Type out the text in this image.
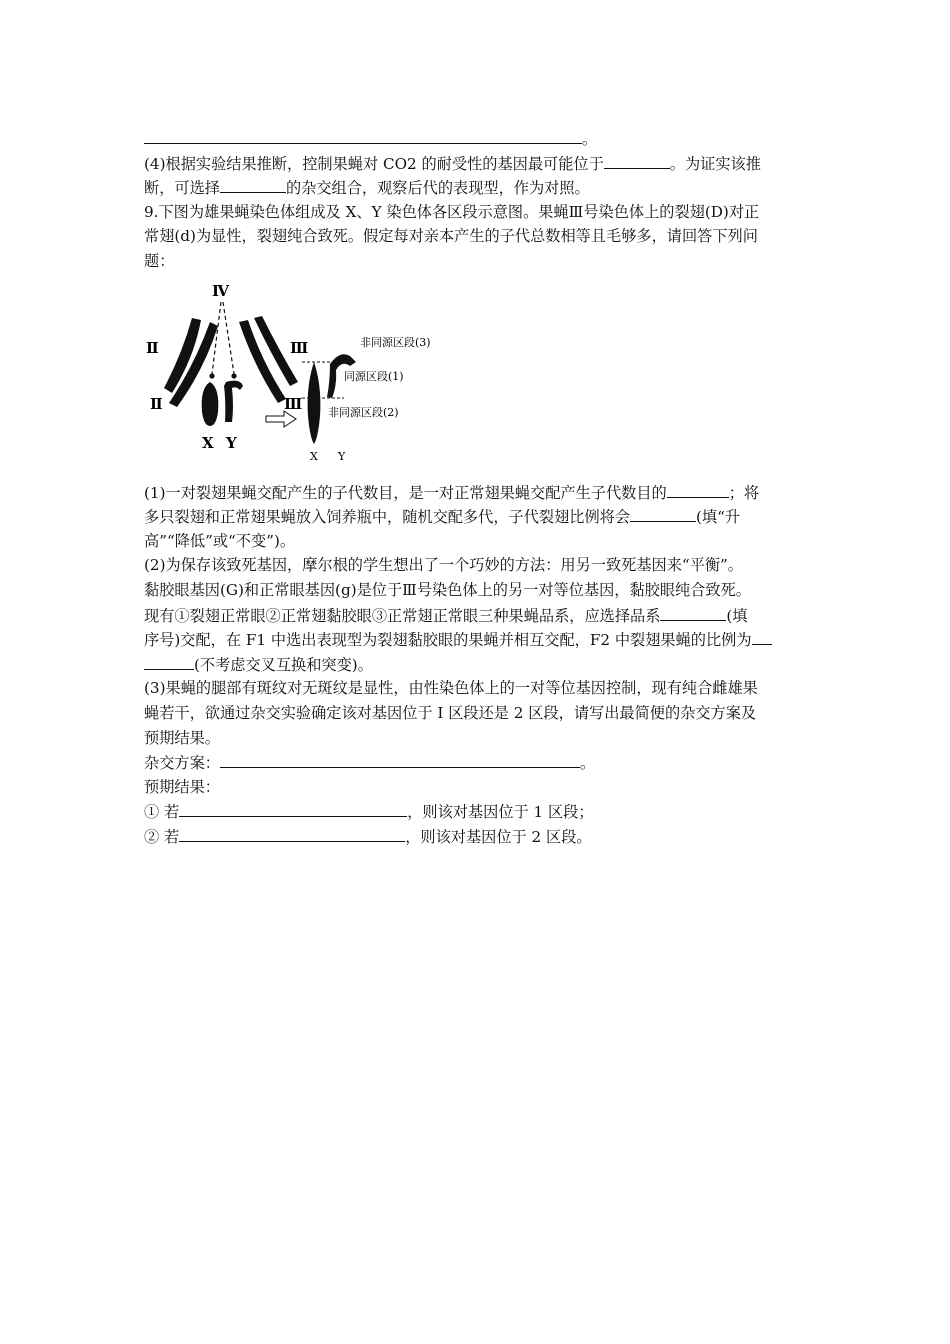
。
(4)根据实验结果推断，控制果蝇对 CO2 的耐受性的基因最可能位于	。为证实该推
断，可选择	的杂交组合，观察后代的表现型，作为对照。
9.下图为雄果蝇染色体组成及 X、Y 染色体各区段示意图。果蝇Ⅲ号染色体上的裂翅(D)对正
常翅(d)为显性，裂翅纯合致死。假定每对亲本产生的子代总数相等且毛够多，请回答下列问
题：
Ⅳ
Ⅱ
Ⅱ
Ⅲ
Ⅲ
X Y
非同源区段(3)
同源区段(1)
非同源区段(2)
X Y
(1)一对裂翅果蝇交配产生的子代数目，是一对正常翅果蝇交配产生子代数目的	；将
多只裂翅和正常翅果蝇放入饲养瓶中，随机交配多代，子代裂翅比例将会	(填“升
高”“降低”或“不变”)。
(2)为保存该致死基因，摩尔根的学生想出了一个巧妙的方法：用另一致死基因来“平衡”。
黏胶眼基因(G)和正常眼基因(g)是位于Ⅲ号染色体上的另一对等位基因，黏胶眼纯合致死。
现有①裂翅正常眼②正常翅黏胶眼③正常翅正常眼三种果蝇品系，应选择品系	(填
序号)交配，在 F1 中选出表现型为裂翅黏胶眼的果蝇并相互交配，F2 中裂翅果蝇的比例为
(不考虑交叉互换和突变)。
(3)果蝇的腿部有斑纹对无斑纹是显性，由性染色体上的一对等位基因控制，现有纯合雌雄果
蝇若干，欲通过杂交实验确定该对基因位于 I 区段还是 2 区段，请写出最简便的杂交方案及
预期结果。
杂交方案：	。
预期结果：
① 若	，则该对基因位于 1 区段；
② 若	，则该对基因位于 2 区段。
